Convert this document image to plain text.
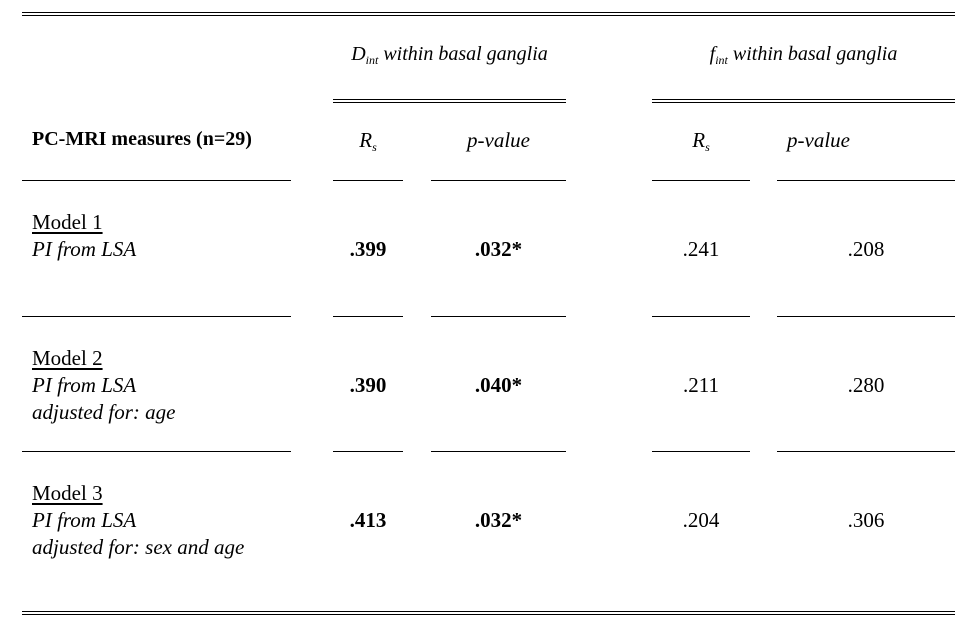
$D_{int}$ within basal ganglia	$f_{int}$ within basal ganglia
PC-MRI measures (n=29)	$R_s$	p-value	$R_s$	p-value
Model 1
PI from LSA	.399	.032*	.241	.208
Model 2
PI from LSA
adjusted for: age
.390	.040*	.211	.280
Model 3
PI from LSA
adjusted for: sex and age
.413	.032*	.204	.306
